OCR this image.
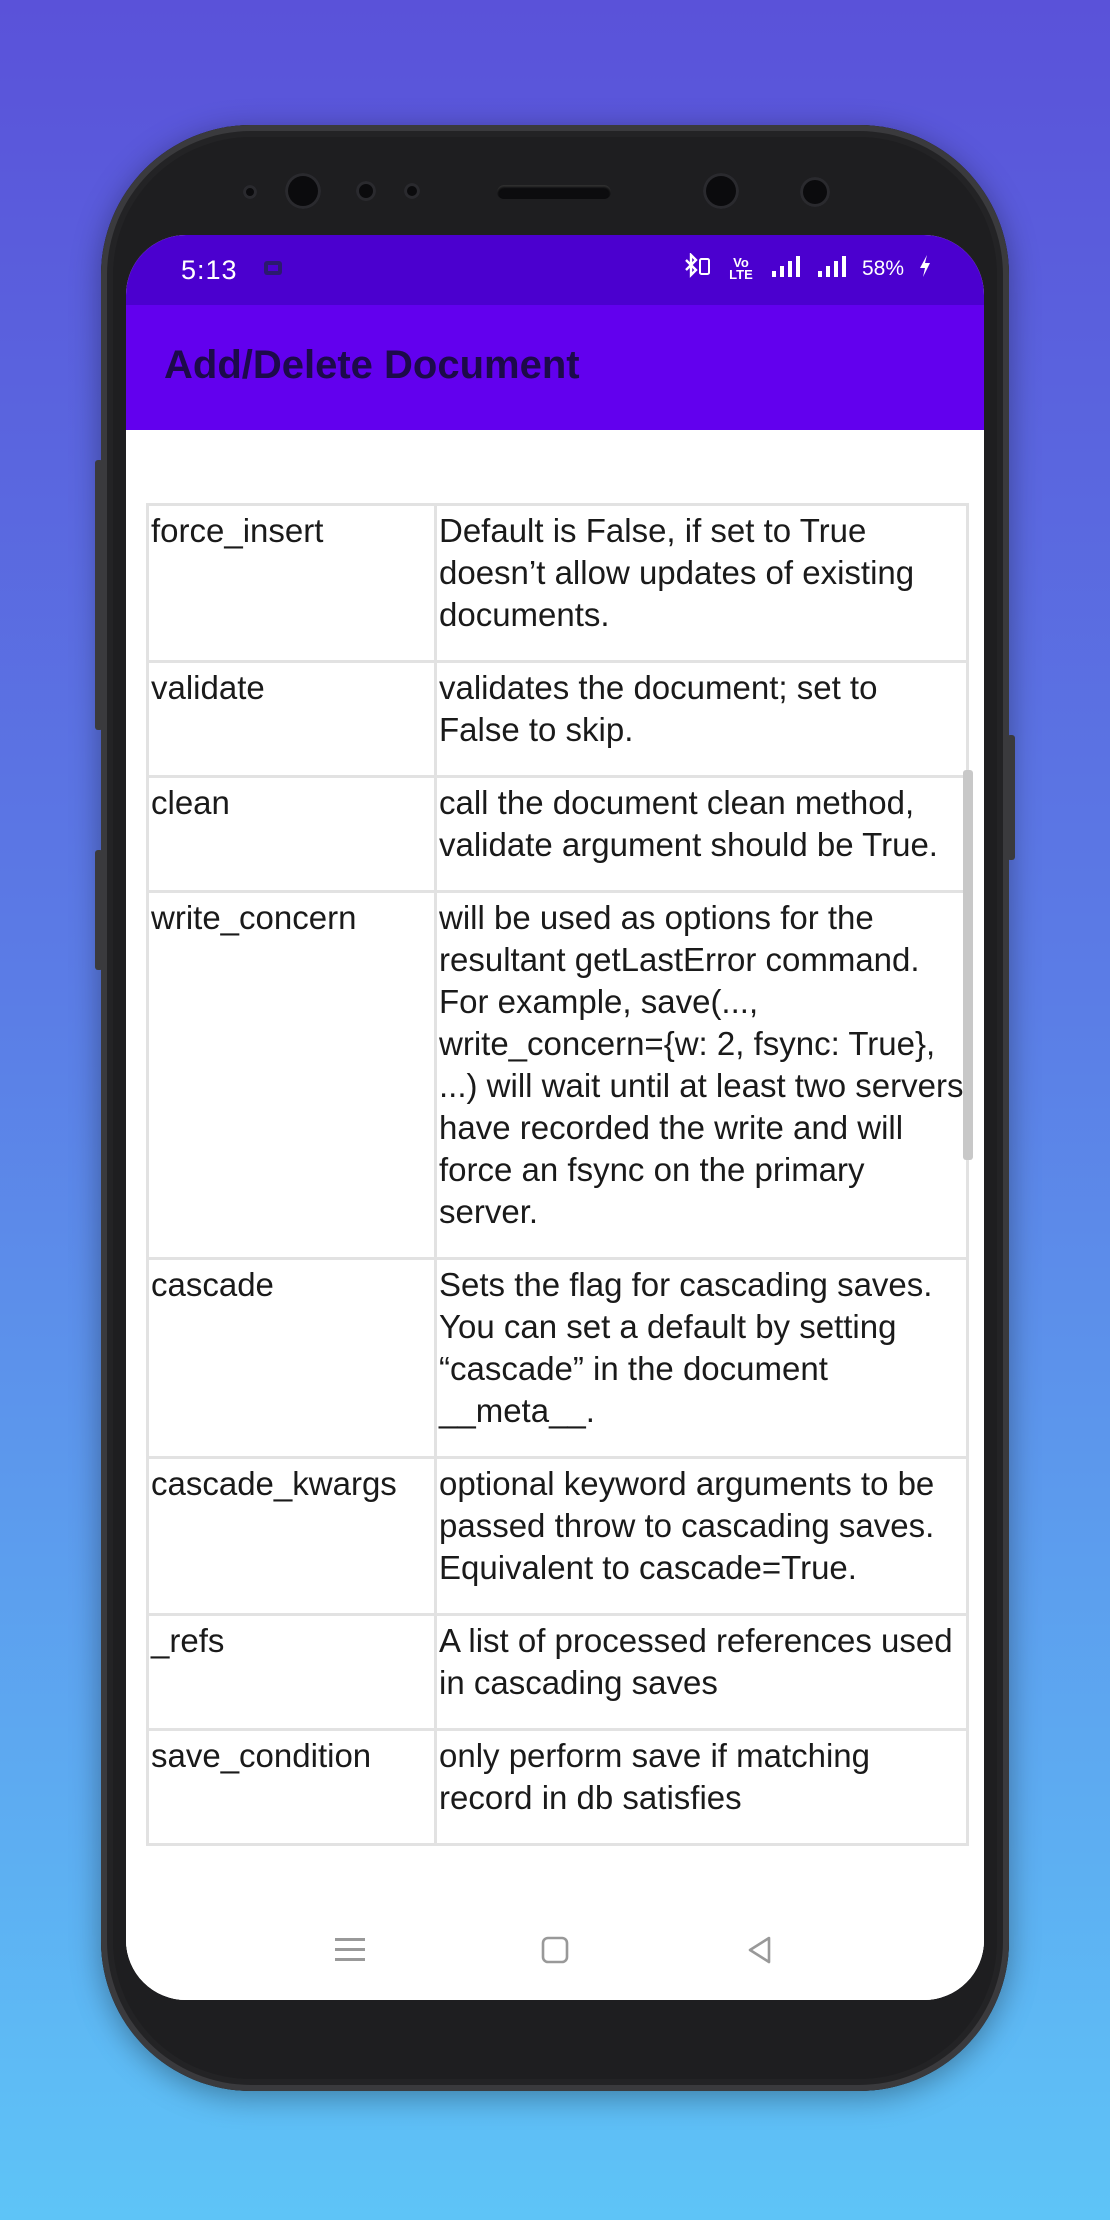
5:13	Vo
LTE	58%
Add/Delete Document
force_insert	Default is False, if set to True doesn’t allow updates of existing documents.
validate	validates the document; set to False to skip.
clean	call the document clean method, validate argument should be True.
write_concern	will be used as options for the resultant getLastError command. For example, save(..., write_concern={w: 2, fsync: True}, ...) will wait until at least two servers have recorded the write and will force an fsync on the primary server.
cascade	Sets the flag for cascading saves. You can set a default by setting “cascade” in the document __meta__.
cascade_kwargs	optional keyword arguments to be passed throw to cascading saves. Equivalent to cascade=True.
_refs	A list of processed references used in cascading saves
save_condition	only perform save if matching record in db satisfies
